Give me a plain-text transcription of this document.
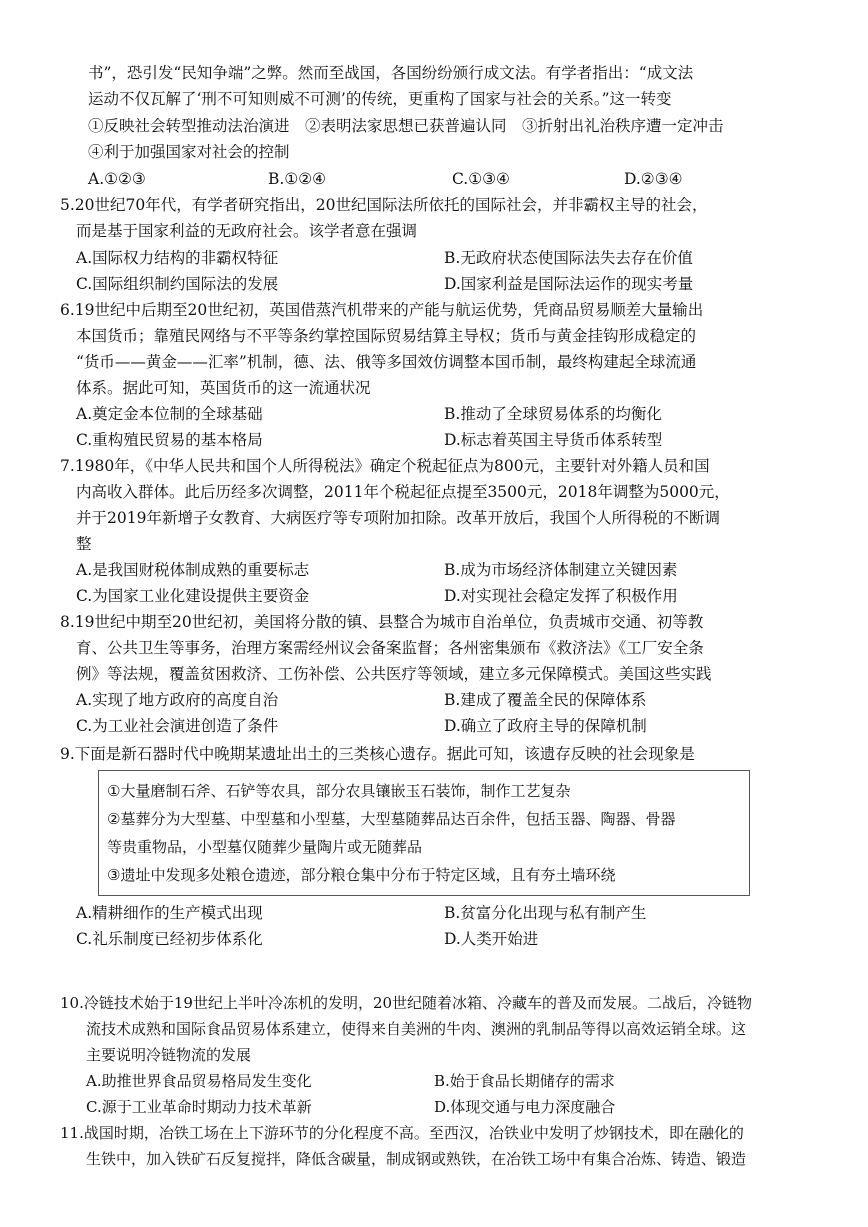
书”，恐引发“民知争端”之弊。然而至战国，各国纷纷颁行成文法。有学者指出：“成文法
运动不仅瓦解了‘刑不可知则威不可测’的传统，更重构了国家与社会的关系。”这一转变
①反映社会转型推动法治演进　②表明法家思想已获普遍认同　③折射出礼治秩序遭一定冲击
④利于加强国家对社会的控制
A.①②③	B.①②④	C.①③④	D.②③④
5.20世纪70年代，有学者研究指出，20世纪国际法所依托的国际社会，并非霸权主导的社会，
而是基于国家利益的无政府社会。该学者意在强调
A.国际权力结构的非霸权特征	B.无政府状态使国际法失去存在价值
C.国际组织制约国际法的发展	D.国家利益是国际法运作的现实考量
6.19世纪中后期至20世纪初，英国借蒸汽机带来的产能与航运优势，凭商品贸易顺差大量输出
本国货币；靠殖民网络与不平等条约掌控国际贸易结算主导权；货币与黄金挂钩形成稳定的
“货币——黄金——汇率”机制，德、法、俄等多国效仿调整本国币制，最终构建起全球流通
体系。据此可知，英国货币的这一流通状况
A.奠定金本位制的全球基础	B.推动了全球贸易体系的均衡化
C.重构殖民贸易的基本格局	D.标志着英国主导货币体系转型
7.1980年，《中华人民共和国个人所得税法》确定个税起征点为800元，主要针对外籍人员和国
内高收入群体。此后历经多次调整，2011年个税起征点提至3500元，2018年调整为5000元，
并于2019年新增子女教育、大病医疗等专项附加扣除。改革开放后，我国个人所得税的不断调
整
A.是我国财税体制成熟的重要标志	B.成为市场经济体制建立关键因素
C.为国家工业化建设提供主要资金	D.对实现社会稳定发挥了积极作用
8.19世纪中期至20世纪初，美国将分散的镇、县整合为城市自治单位，负责城市交通、初等教
育、公共卫生等事务，治理方案需经州议会备案监督；各州密集颁布《救济法》《工厂安全条
例》等法规，覆盖贫困救济、工伤补偿、公共医疗等领域，建立多元保障模式。美国这些实践
A.实现了地方政府的高度自治	B.建成了覆盖全民的保障体系
C.为工业社会演进创造了条件	D.确立了政府主导的保障机制
9.下面是新石器时代中晚期某遗址出土的三类核心遗存。据此可知，该遗存反映的社会现象是
①大量磨制石斧、石铲等农具，部分农具镶嵌玉石装饰，制作工艺复杂
②墓葬分为大型墓、中型墓和小型墓，大型墓随葬品达百余件，包括玉器、陶器、骨器
等贵重物品，小型墓仅随葬少量陶片或无随葬品
③遗址中发现多处粮仓遗迹，部分粮仓集中分布于特定区域，且有夯土墙环绕
A.精耕细作的生产模式出现	B.贫富分化出现与私有制产生
C.礼乐制度已经初步体系化	D.人类开始进
10.冷链技术始于19世纪上半叶冷冻机的发明，20世纪随着冰箱、冷藏车的普及而发展。二战后，冷链物
流技术成熟和国际食品贸易体系建立，使得来自美洲的牛肉、澳洲的乳制品等得以高效运销全球。这
主要说明冷链物流的发展
A.助推世界食品贸易格局发生变化	B.始于食品长期储存的需求
C.源于工业革命时期动力技术革新	D.体现交通与电力深度融合
11.战国时期，冶铁工场在上下游环节的分化程度不高。至西汉，冶铁业中发明了炒钢技术，即在融化的
生铁中，加入铁矿石反复搅拌，降低含碳量，制成钢或熟铁，在冶铁工场中有集合冶炼、铸造、锻造
